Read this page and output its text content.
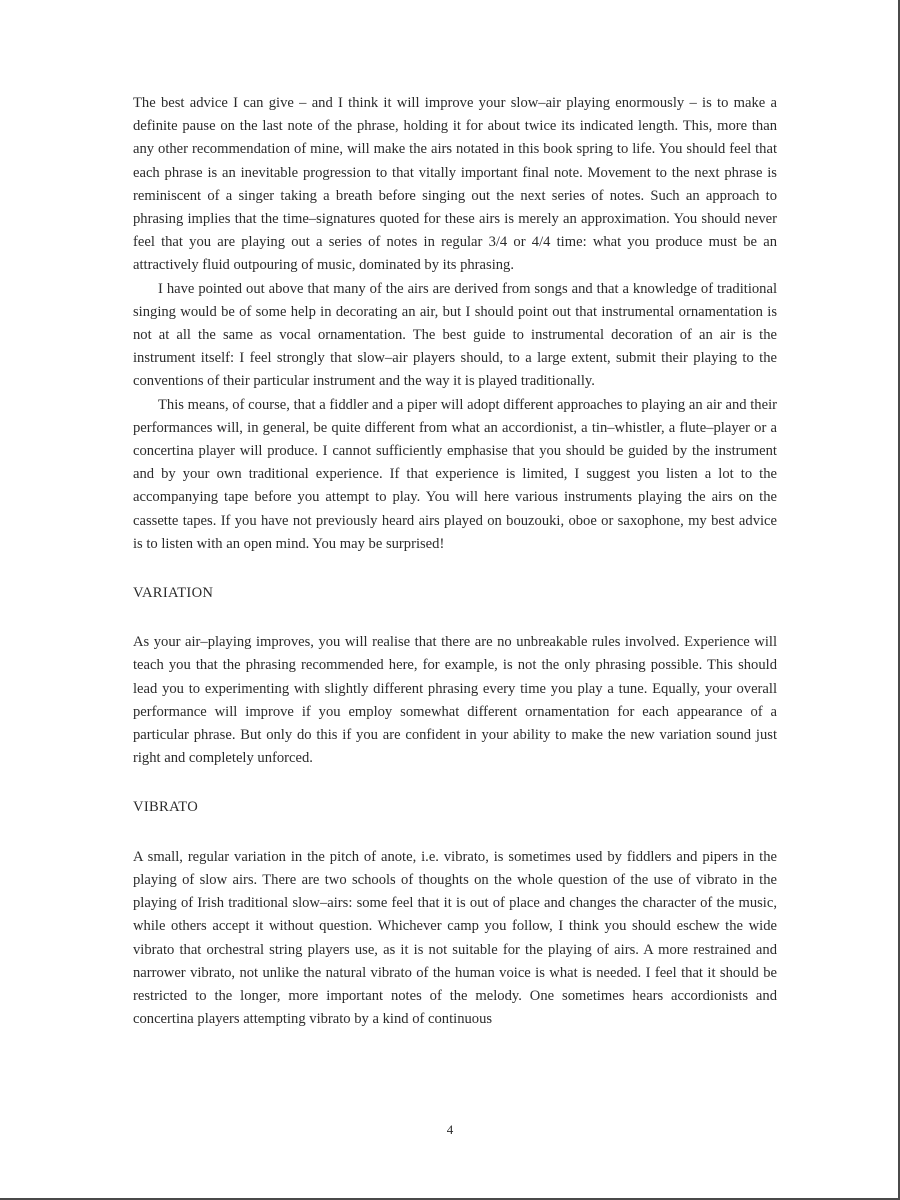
The best advice I can give – and I think it will improve your slow–air playing enormously – is to make a definite pause on the last note of the phrase, holding it for about twice its indicated length. This, more than any other recommendation of mine, will make the airs notated in this book spring to life. You should feel that each phrase is an inevitable progression to that vitally important final note. Movement to the next phrase is reminiscent of a singer taking a breath before singing out the next series of notes. Such an approach to phrasing implies that the time–signatures quoted for these airs is merely an approximation. You should never feel that you are playing out a series of notes in regular 3/4 or 4/4 time: what you produce must be an attractively fluid outpouring of music, dominated by its phrasing.

I have pointed out above that many of the airs are derived from songs and that a knowledge of traditional singing would be of some help in decorating an air, but I should point out that instrumental ornamentation is not at all the same as vocal ornamentation. The best guide to instrumental decoration of an air is the instrument itself: I feel strongly that slow–air players should, to a large extent, submit their playing to the conventions of their particular instrument and the way it is played traditionally.

This means, of course, that a fiddler and a piper will adopt different approaches to playing an air and their performances will, in general, be quite different from what an accordionist, a tin–whistler, a flute–player or a concertina player will produce. I cannot sufficiently emphasise that you should be guided by the instrument and by your own traditional experience. If that experience is limited, I suggest you listen a lot to the accompanying tape before you attempt to play. You will here various instruments playing the airs on the cassette tapes. If you have not previously heard airs played on bouzouki, oboe or saxophone, my best advice is to listen with an open mind. You may be surprised!

VARIATION

As your air–playing improves, you will realise that there are no unbreakable rules involved. Experience will teach you that the phrasing recommended here, for example, is not the only phrasing possible. This should lead you to experimenting with slightly different phrasing every time you play a tune. Equally, your overall performance will improve if you employ somewhat different ornamentation for each appearance of a particular phrase. But only do this if you are confident in your ability to make the new variation sound just right and completely unforced.

VIBRATO

A small, regular variation in the pitch of anote, i.e. vibrato, is sometimes used by fiddlers and pipers in the playing of slow airs. There are two schools of thoughts on the whole question of the use of vibrato in the playing of Irish traditional slow–airs: some feel that it is out of place and changes the character of the music, while others accept it without question. Whichever camp you follow, I think you should eschew the wide vibrato that orchestral string players use, as it is not suitable for the playing of airs. A more restrained and narrower vibrato, not unlike the natural vibrato of the human voice is what is needed. I feel that it should be restricted to the longer, more important notes of the melody. One sometimes hears accordionists and concertina players attempting vibrato by a kind of continuous

4
